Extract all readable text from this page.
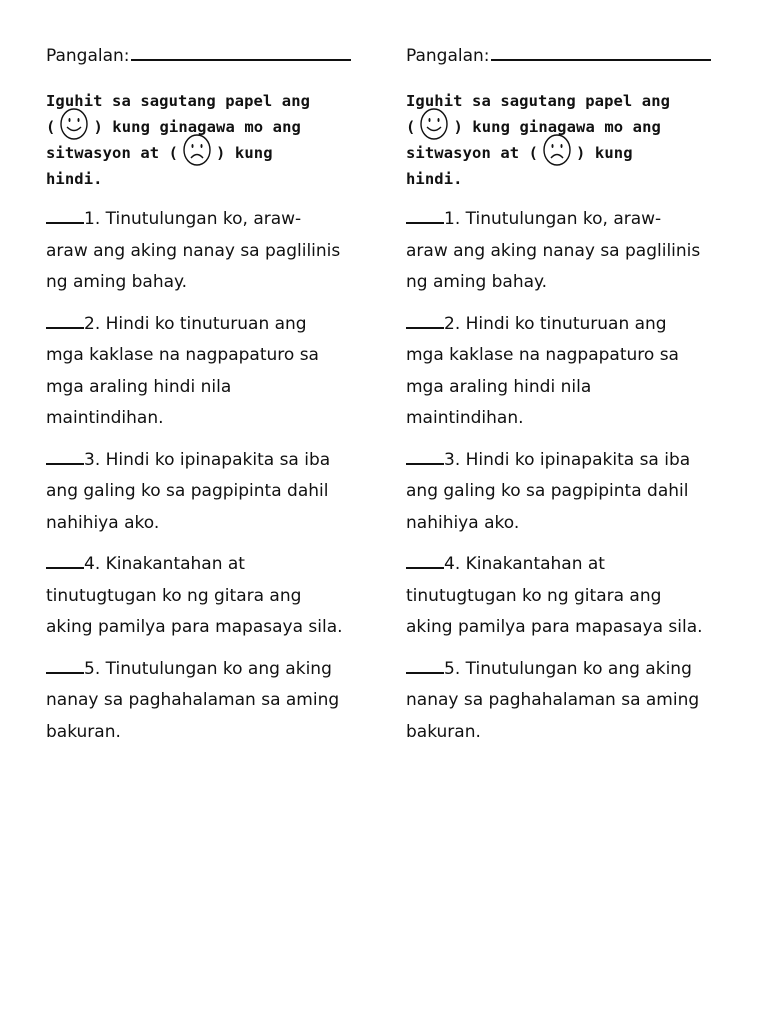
Pangalan:
Iguhit sa sagutang papel ang
( ) kung ginagawa mo ang
sitwasyon at ( ) kung
hindi.
1. Tinutulungan ko, araw-
araw ang aking nanay sa paglilinis
ng aming bahay.
2. Hindi ko tinuturuan ang
mga kaklase na nagpapaturo sa
mga araling hindi nila
maintindihan.
3. Hindi ko ipinapakita sa iba
ang galing ko sa pagpipinta dahil
nahihiya ako.
4. Kinakantahan at
tinutugtugan ko ng gitara ang
aking pamilya para mapasaya sila.
5. Tinutulungan ko ang aking
nanay sa paghahalaman sa aming
bakuran.
Pangalan:
Iguhit sa sagutang papel ang
( ) kung ginagawa mo ang
sitwasyon at ( ) kung
hindi.
1. Tinutulungan ko, araw-
araw ang aking nanay sa paglilinis
ng aming bahay.
2. Hindi ko tinuturuan ang
mga kaklase na nagpapaturo sa
mga araling hindi nila
maintindihan.
3. Hindi ko ipinapakita sa iba
ang galing ko sa pagpipinta dahil
nahihiya ako.
4. Kinakantahan at
tinutugtugan ko ng gitara ang
aking pamilya para mapasaya sila.
5. Tinutulungan ko ang aking
nanay sa paghahalaman sa aming
bakuran.
